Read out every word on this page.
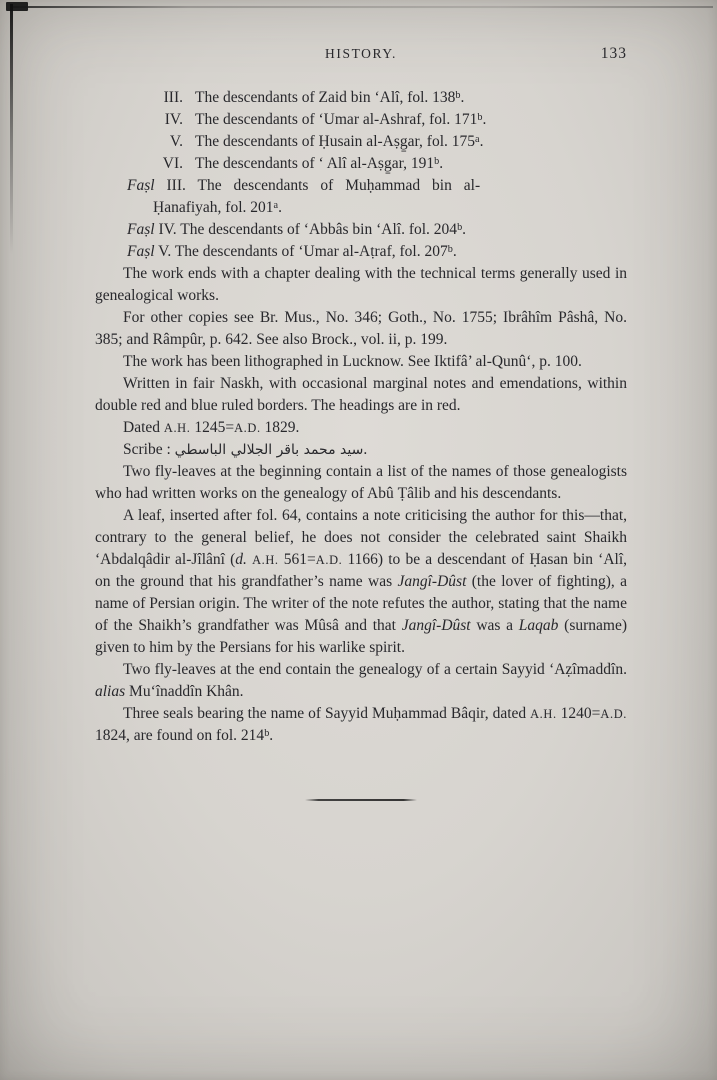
HISTORY.	133
III. The descendants of Zaid bin ‘Alî, fol. 138$^b$.
IV. The descendants of ‘Umar al-Ashraf, fol. 171$^b$.
V. The descendants of Ḥusain al-Aṣg̱ar, fol. 175$^a$.
VI. The descendants of ‘ Alî al-Aṣg̱ar, 191$^b$.
Faṣl III. The descendants of Muḥammad bin al-
Ḥanafiyah, fol. 201$^a$.
Faṣl IV. The descendants of ‘Abbâs bin ‘Alî. fol. 204$^b$.
Faṣl V. The descendants of ‘Umar al-Aṭraf, fol. 207$^b$.

The work ends with a chapter dealing with the technical terms generally used in genealogical works.

For other copies see Br. Mus., No. 346; Goth., No. 1755; Ibrâhîm Pâshâ, No. 385; and Râmpûr, p. 642. See also Brock., vol. ii, p. 199.

The work has been lithographed in Lucknow. See Iktifâ’ al-Qunû‘, p. 100.

Written in fair Naskh, with occasional marginal notes and emendations, within double red and blue ruled borders. The headings are in red.

Dated A.H. 1245=A.D. 1829.

Scribe : سيد محمد باقر الجلالي الباسطي.

Two fly-leaves at the beginning contain a list of the names of those genealogists who had written works on the genealogy of Abû Ṭâlib and his descendants.

A leaf, inserted after fol. 64, contains a note criticising the author for this—that, contrary to the general belief, he does not consider the celebrated saint Shaikh ‘Abdalqâdir al-Jîlânî (d. A.H. 561=A.D. 1166) to be a descendant of Ḥasan bin ‘Alî, on the ground that his grandfather’s name was Jangî-Dûst (the lover of fighting), a name of Persian origin. The writer of the note refutes the author, stating that the name of the Shaikh’s grandfather was Mûsâ and that Jangî-Dûst was a Laqab (surname) given to him by the Persians for his warlike spirit.

Two fly-leaves at the end contain the genealogy of a certain Sayyid ‘Aẓîmaddîn. alias Mu‘înaddîn Khân.

Three seals bearing the name of Sayyid Muḥammad Bâqir, dated A.H. 1240=A.D. 1824, are found on fol. 214$^b$.
